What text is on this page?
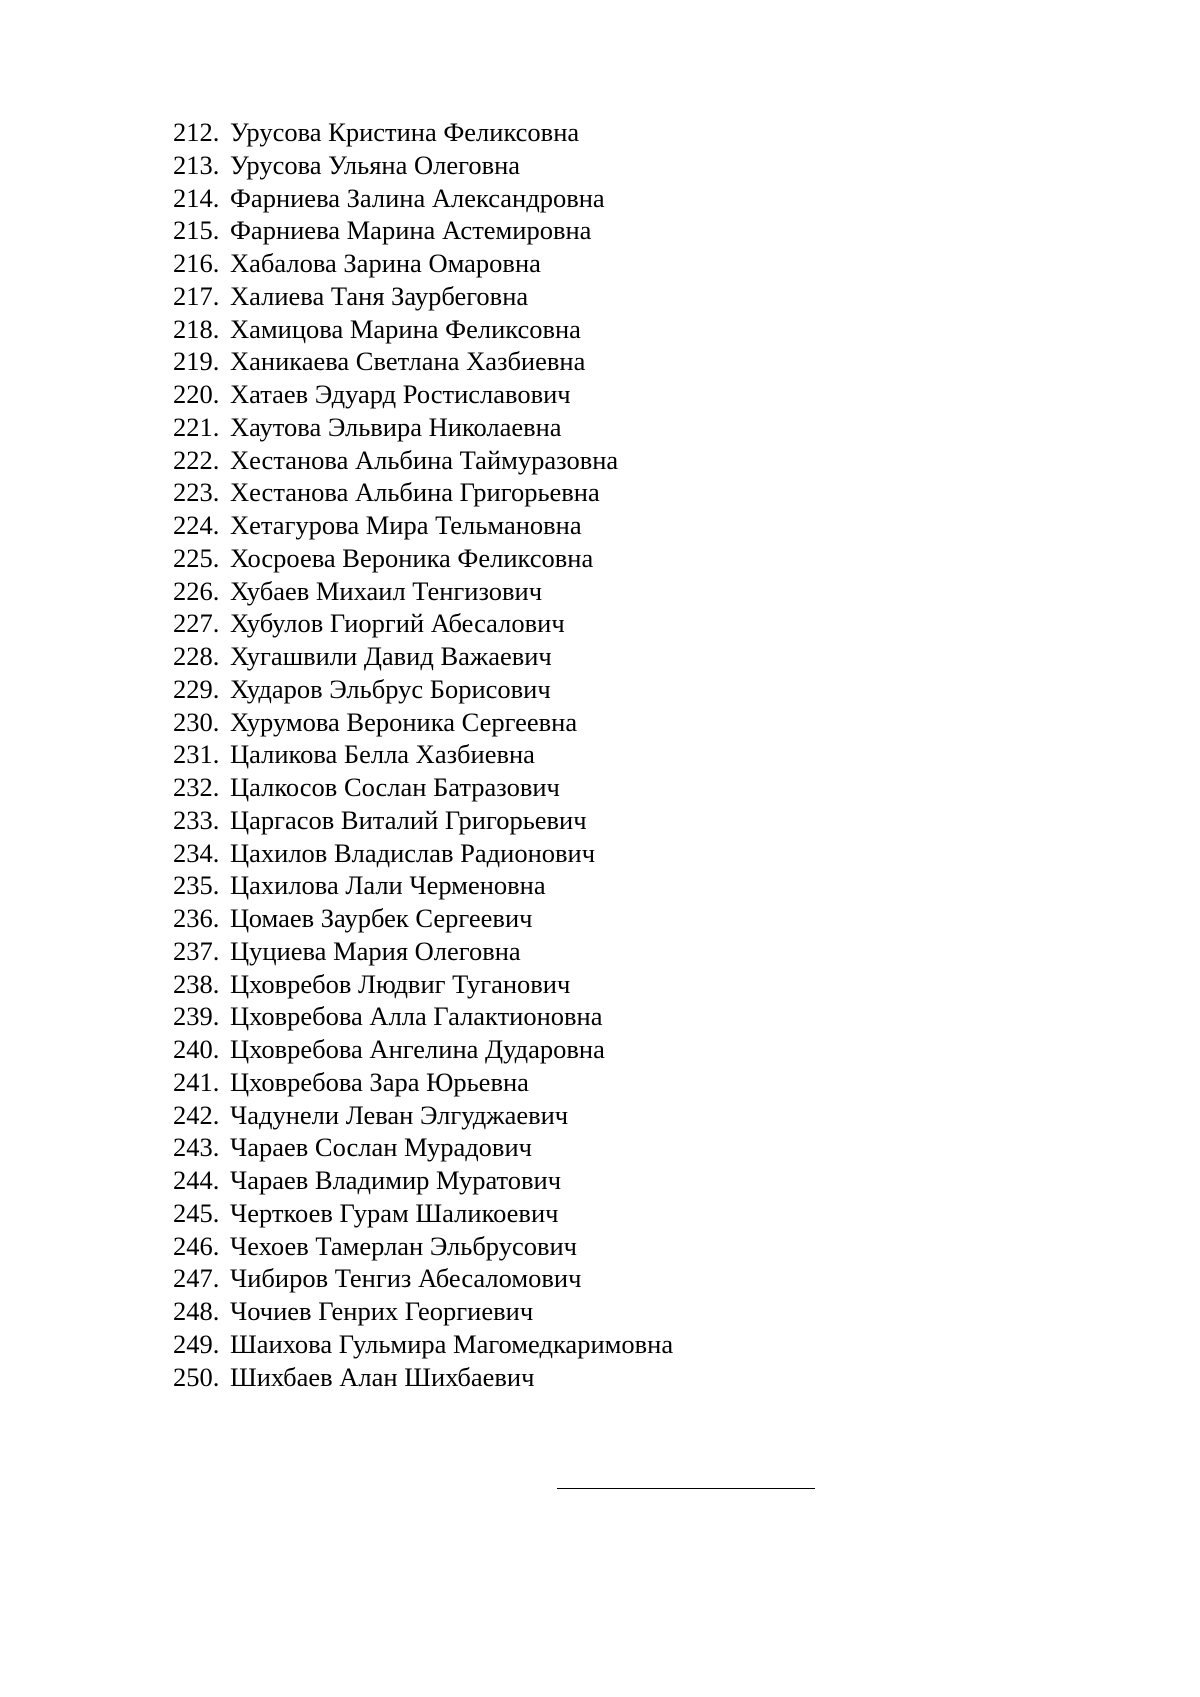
212. Урусова Кристина Феликсовна
213. Урусова Ульяна Олеговна
214. Фарниева Залина Александровна
215. Фарниева Марина Астемировна
216. Хабалова Зарина Омаровна
217. Халиева Таня Заурбеговна
218. Хамицова Марина Феликсовна
219. Ханикаева Светлана Хазбиевна
220. Хатаев Эдуард Ростиславович
221. Хаутова Эльвира Николаевна
222. Хестанова Альбина Таймуразовна
223. Хестанова Альбина Григорьевна
224. Хетагурова Мира Тельмановна
225. Хосроева Вероника Феликсовна
226. Хубаев Михаил Тенгизович
227. Хубулов Гиоргий Абесалович
228. Хугашвили Давид Важаевич
229. Хударов Эльбрус Борисович
230. Хурумова Вероника Сергеевна
231. Цаликова Белла Хазбиевна
232. Цалкосов Сослан Батразович
233. Царгасов Виталий Григорьевич
234. Цахилов Владислав Радионович
235. Цахилова Лали Черменовна
236. Цомаев Заурбек Сергеевич
237. Цуциева Мария Олеговна
238. Цховребов Людвиг Туганович
239. Цховребова Алла Галактионовна
240. Цховребова Ангелина Дударовна
241. Цховребова Зара Юрьевна
242. Чадунели Леван Элгуджаевич
243. Чараев Сослан Мурадович
244. Чараев Владимир Муратович
245. Черткоев Гурам Шаликоевич
246. Чехоев Тамерлан Эльбрусович
247. Чибиров Тенгиз Абесаломович
248. Чочиев Генрих Георгиевич
249. Шаихова Гульмира Магомедкаримовна
250. Шихбаев Алан Шихбаевич
